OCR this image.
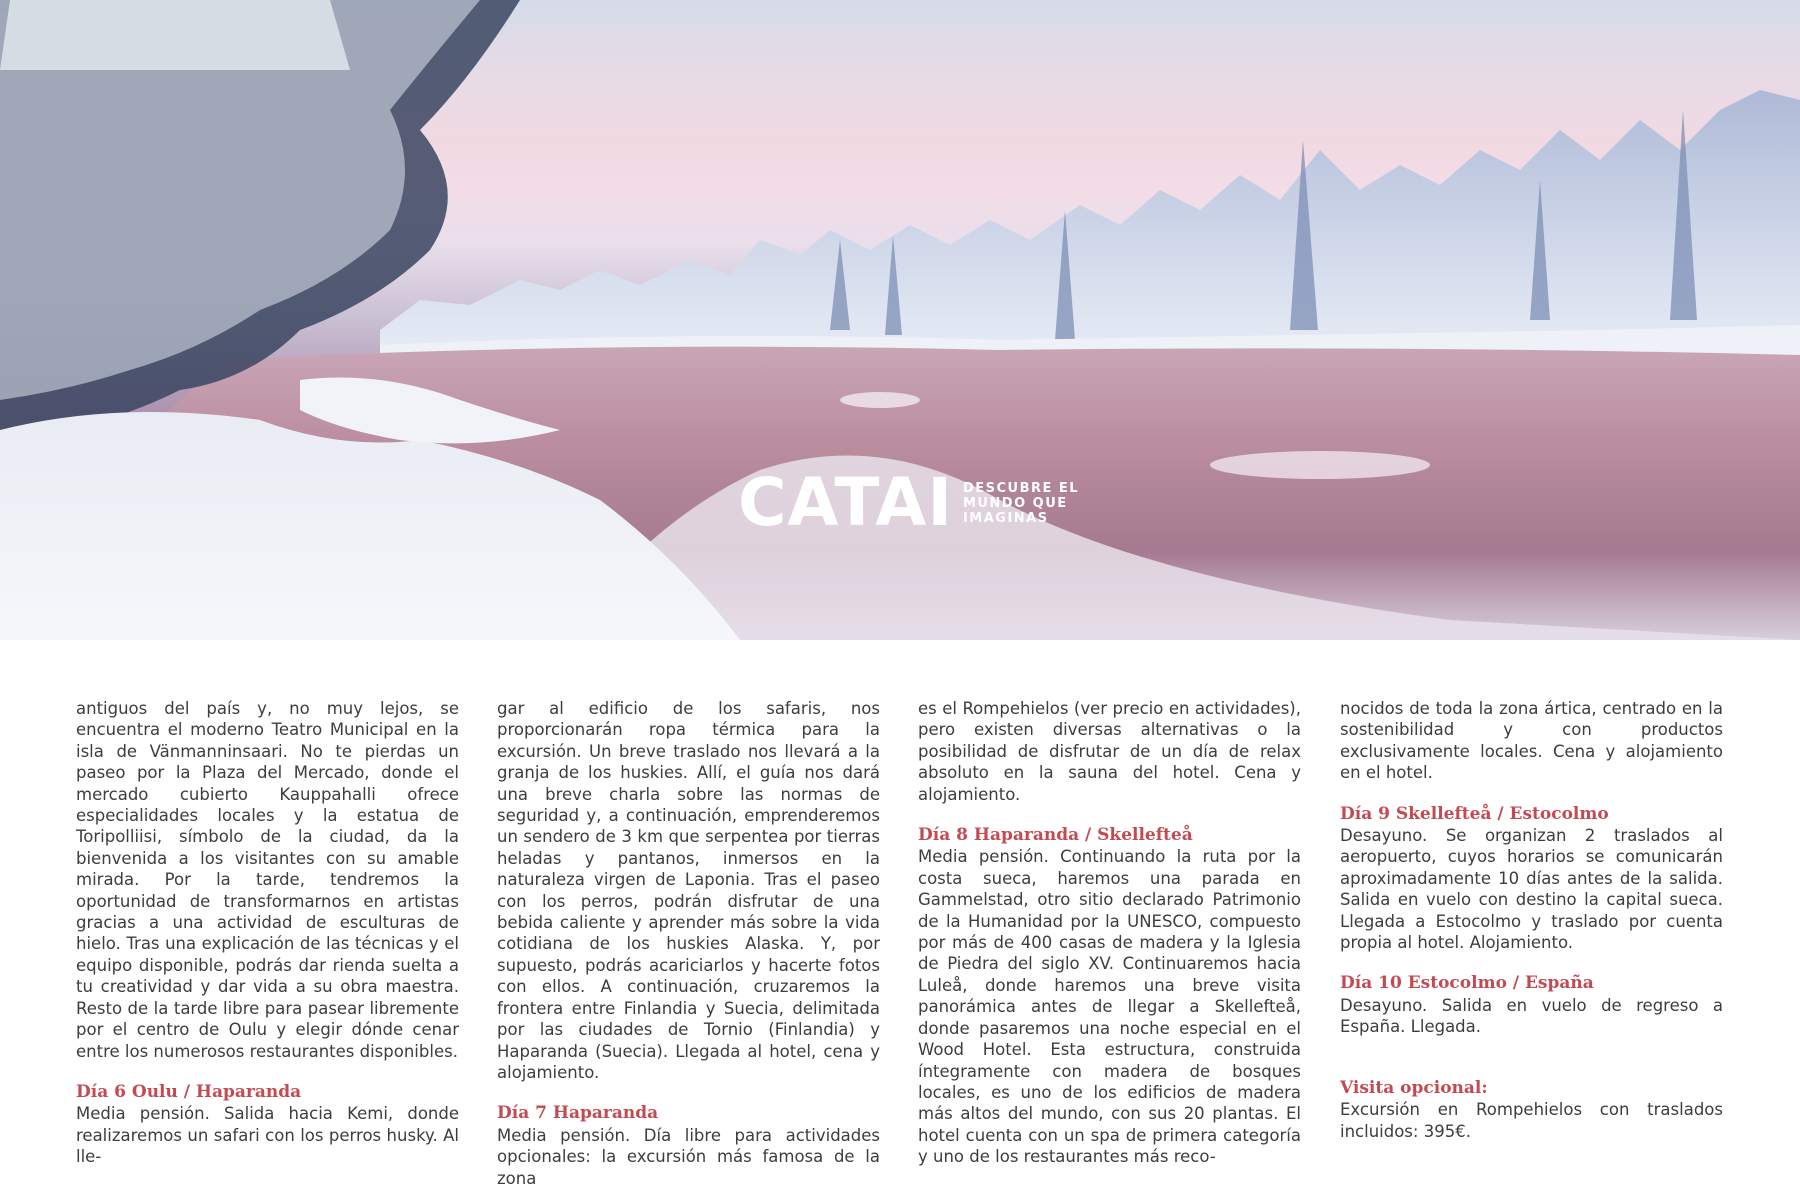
CATAI DESCUBRE EL
MUNDO QUE
IMAGINAS

antiguos del país y, no muy lejos, se encuentra el moderno Teatro Municipal en la isla de Vänmanninsaari. No te pierdas un paseo por la Plaza del Mercado, donde el mercado cubierto Kauppahalli ofrece especialidades locales y la estatua de Toripolliisi, símbolo de la ciudad, da la bienvenida a los visitantes con su amable mirada. Por la tarde, tendremos la oportunidad de transformarnos en artistas gracias a una actividad de esculturas de hielo. Tras una explicación de las técnicas y el equipo disponible, podrás dar rienda suelta a tu creatividad y dar vida a su obra maestra. Resto de la tarde libre para pasear libremente por el centro de Oulu y elegir dónde cenar entre los numerosos restaurantes disponibles.

Día 6 Oulu / Haparanda

Media pensión. Salida hacia Kemi, donde realizaremos un safari con los perros husky. Al lle-

gar al edificio de los safaris, nos proporcionarán ropa térmica para la excursión. Un breve traslado nos llevará a la granja de los huskies. Allí, el guía nos dará una breve charla sobre las normas de seguridad y, a continuación, emprenderemos un sendero de 3 km que serpentea por tierras heladas y pantanos, inmersos en la naturaleza virgen de Laponia. Tras el paseo con los perros, podrán disfrutar de una bebida caliente y aprender más sobre la vida cotidiana de los huskies Alaska. Y, por supuesto, podrás acariciarlos y hacerte fotos con ellos. A continuación, cruzaremos la frontera entre Finlandia y Suecia, delimitada por las ciudades de Tornio (Finlandia) y Haparanda (Suecia). Llegada al hotel, cena y alojamiento.

Día 7 Haparanda

Media pensión. Día libre para actividades opcionales: la excursión más famosa de la zona

es el Rompehielos (ver precio en actividades), pero existen diversas alternativas o la posibilidad de disfrutar de un día de relax absoluto en la sauna del hotel. Cena y alojamiento.

Día 8 Haparanda / Skellefteå

Media pensión. Continuando la ruta por la costa sueca, haremos una parada en Gammelstad, otro sitio declarado Patrimonio de la Humanidad por la UNESCO, compuesto por más de 400 casas de madera y la Iglesia de Piedra del siglo XV. Continuaremos hacia Luleå, donde haremos una breve visita panorámica antes de llegar a Skellefteå, donde pasaremos una noche especial en el Wood Hotel. Esta estructura, construida íntegramente con madera de bosques locales, es uno de los edificios de madera más altos del mundo, con sus 20 plantas. El hotel cuenta con un spa de primera categoría y uno de los restaurantes más reco-

nocidos de toda la zona ártica, centrado en la sostenibilidad y con productos exclusivamente locales. Cena y alojamiento en el hotel.

Día 9 Skellefteå / Estocolmo

Desayuno. Se organizan 2 traslados al aeropuerto, cuyos horarios se comunicarán aproximadamente 10 días antes de la salida. Salida en vuelo con destino la capital sueca. Llegada a Estocolmo y traslado por cuenta propia al hotel. Alojamiento.

Día 10 Estocolmo / España

Desayuno. Salida en vuelo de regreso a España. Llegada.

Visita opcional:

Excursión en Rompehielos con traslados incluidos: 395€.
